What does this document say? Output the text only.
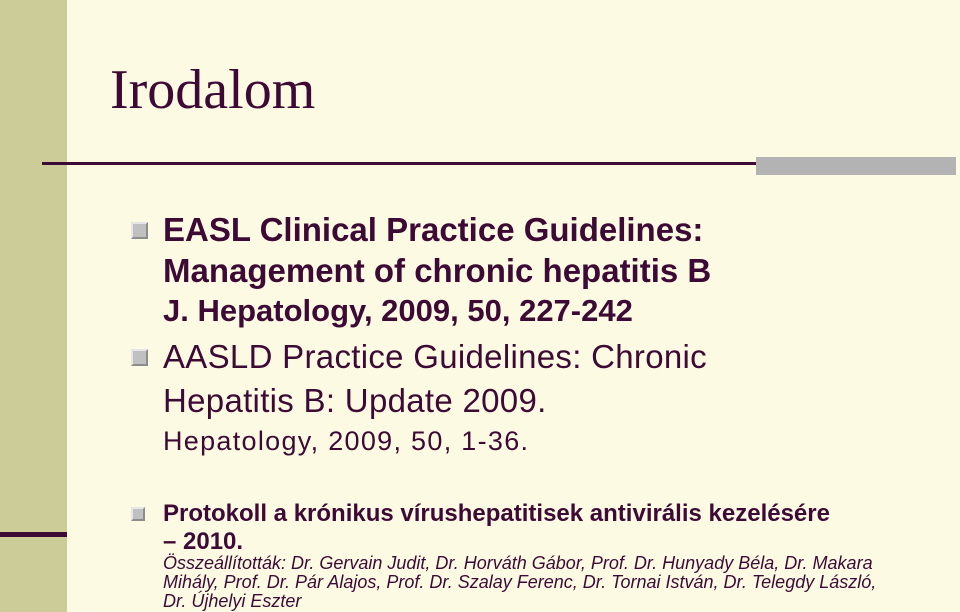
Irodalom
EASL Clinical Practice Guidelines:
Management of chronic hepatitis B
J. Hepatology, 2009, 50, 227-242
AASLD Practice Guidelines: Chronic
Hepatitis B: Update 2009.
Hepatology, 2009, 50, 1-36.
Protokoll a krónikus vírushepatitisek antivirális kezelésére
– 2010.
Összeállították: Dr. Gervain Judit, Dr. Horváth Gábor, Prof. Dr. Hunyady Béla, Dr. Makara
Mihály, Prof. Dr. Pár Alajos, Prof. Dr. Szalay Ferenc, Dr. Tornai István, Dr. Telegdy László,
Dr. Újhelyi Eszter
